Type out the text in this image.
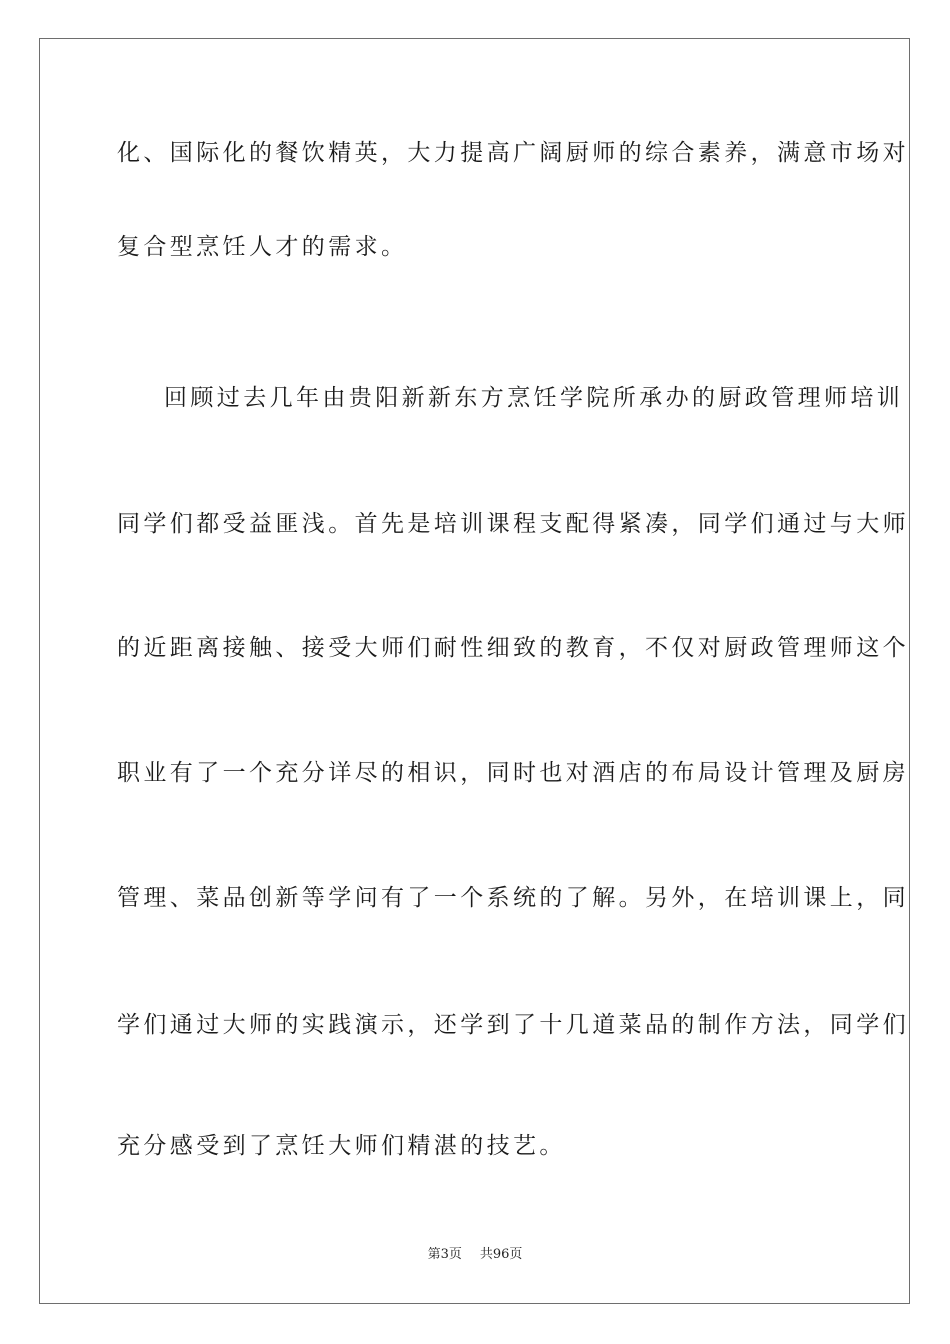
化、国际化的餐饮精英，大力提高广阔厨师的综合素养，满意市场对
复合型烹饪人才的需求。
回顾过去几年由贵阳新新东方烹饪学院所承办的厨政管理师培训
同学们都受益匪浅。首先是培训课程支配得紧凑，同学们通过与大师
的近距离接触、接受大师们耐性细致的教育，不仅对厨政管理师这个
职业有了一个充分详尽的相识，同时也对酒店的布局设计管理及厨房
管理、菜品创新等学问有了一个系统的了解。另外，在培训课上，同
学们通过大师的实践演示，还学到了十几道菜品的制作方法，同学们
充分感受到了烹饪大师们精湛的技艺。
第3页 共96页
